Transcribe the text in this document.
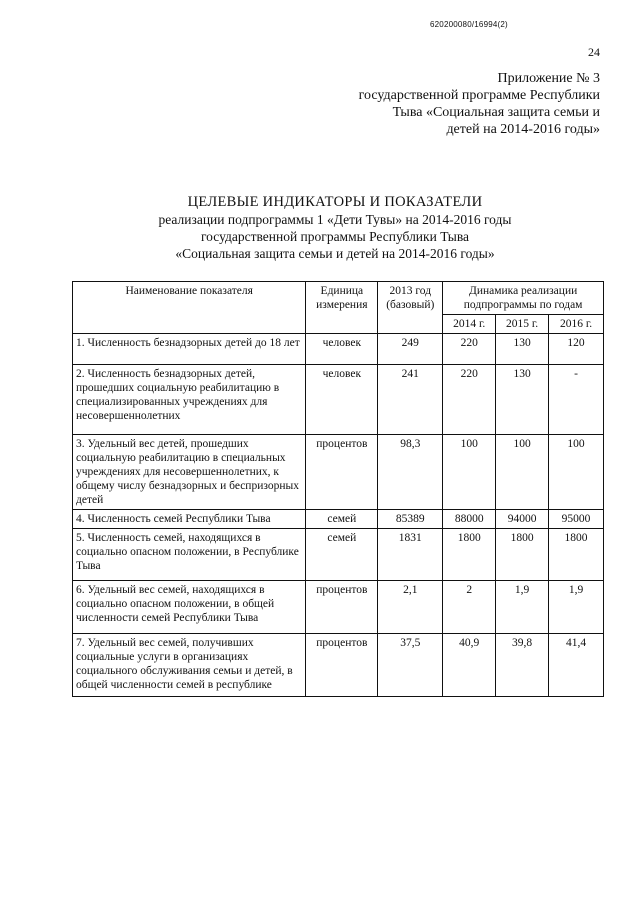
620200080/16994(2)
24
Приложение № 3
государственной программе Республики
Тыва «Социальная защита семьи и
детей на 2014-2016 годы»
ЦЕЛЕВЫЕ ИНДИКАТОРЫ И ПОКАЗАТЕЛИ
реализации подпрограммы 1 «Дети Тувы» на 2014-2016 годы
государственной программы Республики Тыва
«Социальная защита семьи и детей на 2014-2016 годы»
Наименование показателя	Единица измерения	2013 год (базовый)	Динамика реализации подпрограммы по годам		
			2014 г.	2015 г.	2016 г.
1. Численность безнадзорных детей до 18 лет	человек	249	220	130	120
2. Численность безнадзорных детей, прошедших социальную реабилитацию в специализированных учреждениях для несовершеннолетних	человек	241	220	130	-
3. Удельный вес детей, прошедших социальную реабилитацию в специальных учреждениях для несовершеннолетних, к общему числу безнадзорных и беспризорных детей	процентов	98,3	100	100	100
4. Численность семей Республики Тыва	семей	85389	88000	94000	95000
5. Численность семей, находящихся в социально опасном положении, в Республике Тыва	семей	1831	1800	1800	1800
6. Удельный вес семей, находящихся в социально опасном положении, в общей численности семей Республики Тыва	процентов	2,1	2	1,9	1,9
7. Удельный вес семей, получивших социальные услуги в организациях социального обслуживания семьи и детей, в общей численности семей в республике	процентов	37,5	40,9	39,8	41,4
